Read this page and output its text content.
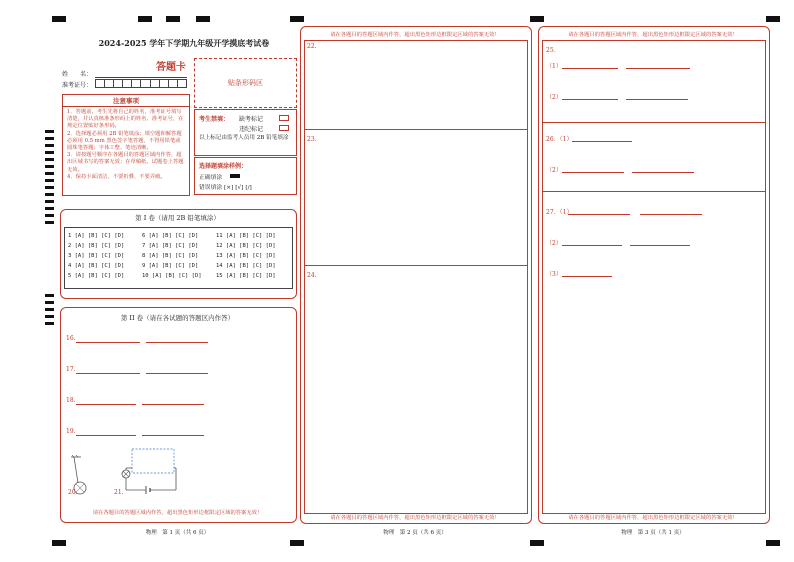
2024-2025 学年下学期九年级开学摸底考试卷
答题卡
姓　　名：
准考证号：	贴条形码区
注意事项

1．答题前，考生先将自己的姓名，准考证号填写清楚，并认真核准条形码上的姓名、准考证号，在规定位置贴好条形码。

2．选择题必须用 2B 铅笔填涂；填空题和解答题必须用 0.5 mm 黑色签字笔答题，不得用铅笔或圆珠笔答题；字体工整、笔迹清晰。

3．请按题号顺序在各题目的答题区域内作答，超出区域书写的答案无效；在草稿纸、试题卷上答题无效。

4．保持卡面清洁，不要折叠、不要弄破。

考生禁填： 缺考标记
违纪标记
以上标记由监考人员用 2B 铅笔填涂
选择题填涂样例：
正确填涂
错误填涂 [×] [√] [/]
第 I 卷（请用 2B 铅笔填涂）
1 [A] [B] [C] [D]
2 [A] [B] [C] [D]
3 [A] [B] [C] [D]
4 [A] [B] [C] [D]
5 [A] [B] [C] [D]
6 [A] [B] [C] [D]
7 [A] [B] [C] [D]
8 [A] [B] [C] [D]
9 [A] [B] [C] [D]
10 [A] [B] [C] [D]
11 [A] [B] [C] [D]
12 [A] [B] [C] [D]
13 [A] [B] [C] [D]
14 [A] [B] [C] [D]
15 [A] [B] [C] [D]
第 II 卷（请在各试题的答题区内作答）
16.
17.
18.
19.
20.	21.
请在各题目的答题区域内作答，超出黑色矩形边框限定区域的答案无效！
物理　第 1 页（共 6 页）
请在各题目的答题区域内作答，超出黑色矩形边框限定区域的答案无效！
22.
23.
24.
请在各题目的答题区域内作答，超出黑色矩形边框限定区域的答案无效！
物理　第 2 页（共 6 页）
请在各题目的答题区域内作答，超出黑色矩形边框限定区域的答案无效！
25．
（1）
（2）
26．（1）
（2）
27．（1）
（2）
（3）
请在各题目的答题区域内作答，超出黑色矩形边框限定区域的答案无效！
物理　第 3 页（共 1 页）
